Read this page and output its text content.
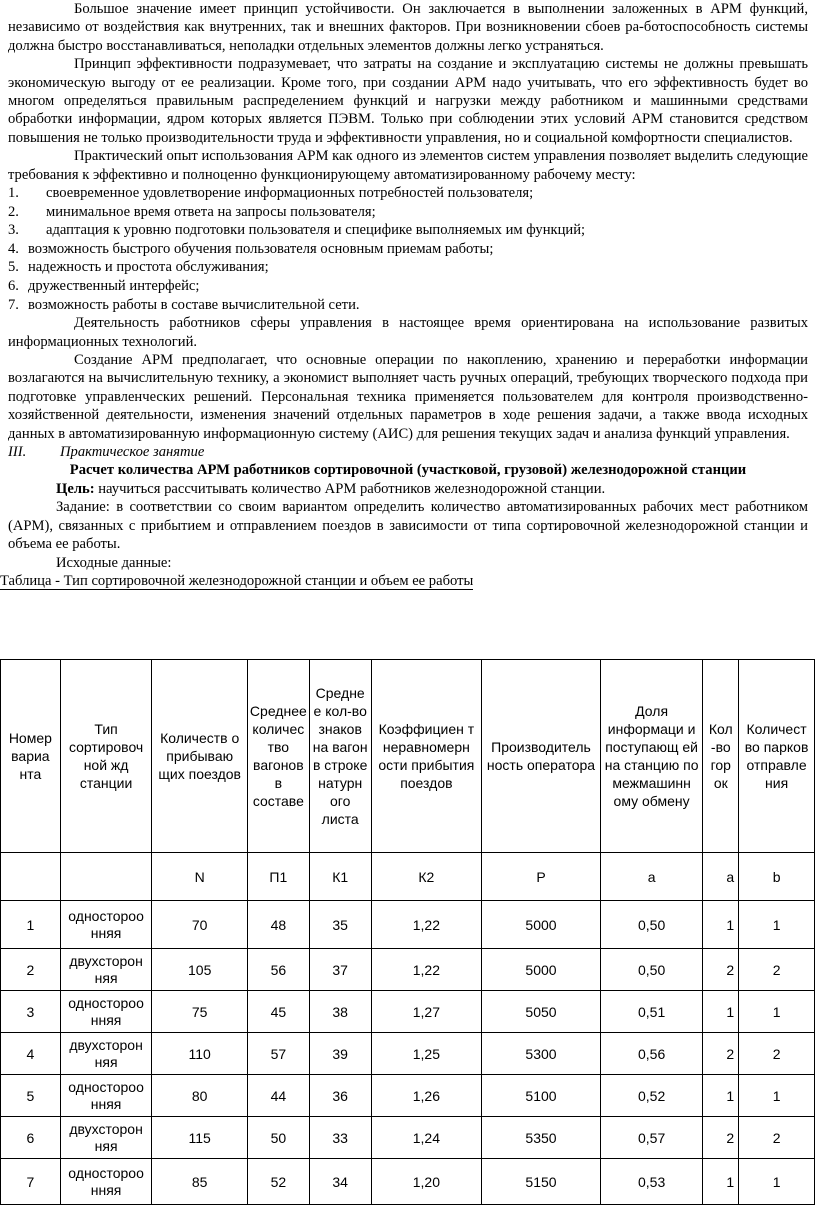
Большое значение имеет принцип устойчивости. Он заключается в выполнении заложенных в АРМ функций, независимо от воздействия как внутренних, так и внешних факторов. При возникновении сбоев ра-ботоспособность системы должна быстро восстанавливаться, неполадки отдельных элементов должны легко устраняться.

Принцип эффективности подразумевает, что затраты на создание и эксплуатацию системы не должны превышать экономическую выгоду от ее реализации. Кроме того, при создании АРМ надо учитывать, что его эффективность будет во многом определяться правильным распределением функций и нагрузки между работником и машинными средствами обработки информации, ядром которых является ПЭВМ. Только при соблюдении этих условий АРМ становится средством повышения не только производительности труда и эффективности управления, но и социальной комфортности специалистов.

Практический опыт использования АРМ как одного из элементов систем управления позволяет выделить следующие требования к эффективно и полноценно функционирующему автоматизированному рабочему месту:

1. своевременное удовлетворение информационных потребностей пользователя;
2. минимальное время ответа на запросы пользователя;
3. адаптация к уровню подготовки пользователя и специфике выполняемых им функций;
4. возможность быстрого обучения пользователя основным приемам работы;
5. надежность и простота обслуживания;
6. дружественный интерфейс;
7. возможность работы в составе вычислительной сети.

Деятельность работников сферы управления в настоящее время ориентирована на использование развитых информационных технологий.

Создание АРМ предполагает, что основные операции по накоплению, хранению и переработки информации возлагаются на вычислительную технику, а экономист выполняет часть ручных операций, требующих творческого подхода при подготовке управленческих решений. Персональная техника применяется пользователем для контроля производственно-хозяйственной деятельности, изменения значений отдельных параметров в ходе решения задачи, а также ввода исходных данных в автоматизированную информационную систему (АИС) для решения текущих задач и анализа функций управления.

III. Практическое занятие

Расчет количества АРМ работников сортировочной (участковой, грузовой) железнодорожной станции

Цель: научиться рассчитывать количество АРМ работников железнодорожной станции.

Задание: в соответствии со своим вариантом определить количество автоматизированных рабочих мест работником (АРМ), связанных с прибытием и отправлением поездов в зависимости от типа сортировочной железнодорожной станции и объема ее работы.

Исходные данные:
Таблица - Тип сортировочной железнодорожной станции и объем ее работы
Номер вариа нта	Тип сортировоч ной жд станции	Количеств о прибываю щих поездов	Среднее количес тво вагонов в составе	Средне е кол-во знаков на вагон в строке натурн ого листа	Коэффициен т неравномерн ости прибытия поездов	Производитель ность оператора	Доля информаци и поступающ ей на станцию по межмашинн ому обмену	Кол -во гор ок	Количест во парков отправле ния
		N	П1	К1	К2	P	a	a	b
1	одностороо нняя	70	48	35	1,22	5000	0,50	1	1
2	двухсторон няя	105	56	37	1,22	5000	0,50	2	2
3	одностороо нняя	75	45	38	1,27	5050	0,51	1	1
4	двухсторон няя	110	57	39	1,25	5300	0,56	2	2
5	одностороо нняя	80	44	36	1,26	5100	0,52	1	1
6	двухсторон няя	115	50	33	1,24	5350	0,57	2	2
7	одностороо нняя	85	52	34	1,20	5150	0,53	1	1
